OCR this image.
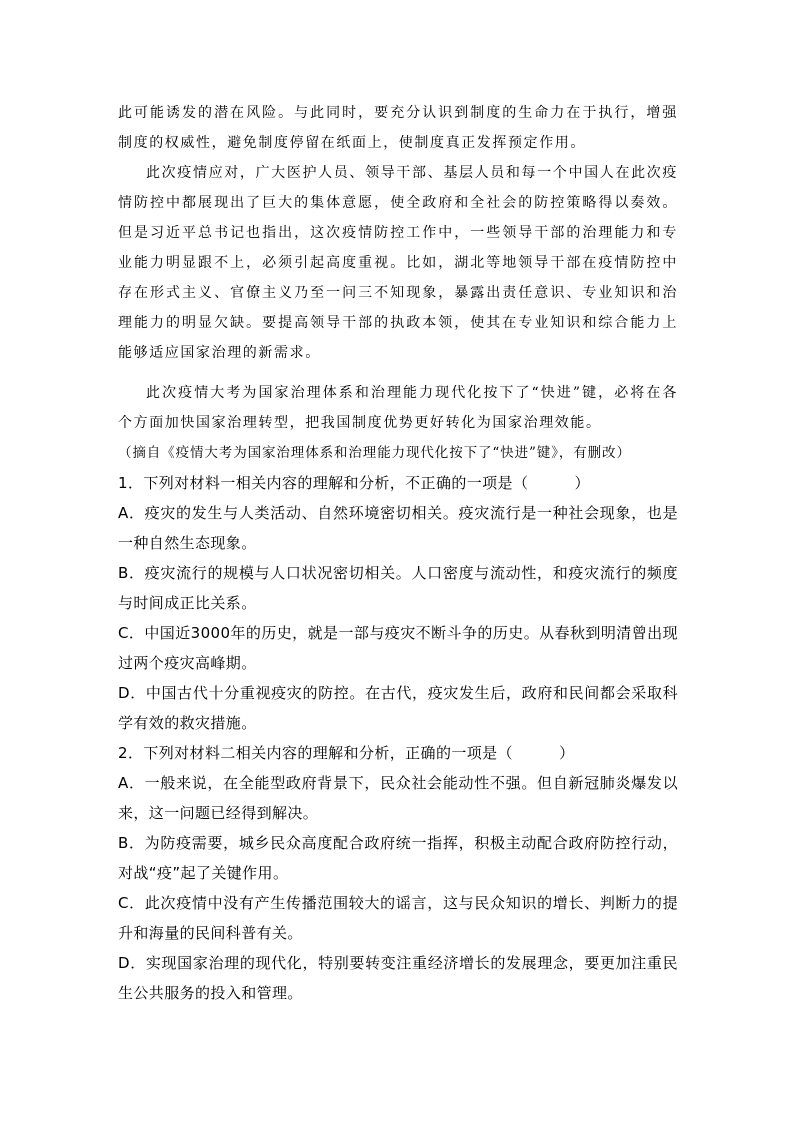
此可能诱发的潜在风险。与此同时，要充分认识到制度的生命力在于执行，增强制度的权威性，避免制度停留在纸面上，使制度真正发挥预定作用。

此次疫情应对，广大医护人员、领导干部、基层人员和每一个中国人在此次疫情防控中都展现出了巨大的集体意愿，使全政府和全社会的防控策略得以奏效。但是习近平总书记也指出，这次疫情防控工作中，一些领导干部的治理能力和专业能力明显跟不上，必须引起高度重视。比如，湖北等地领导干部在疫情防控中存在形式主义、官僚主义乃至一问三不知现象，暴露出责任意识、专业知识和治理能力的明显欠缺。要提高领导干部的执政本领，使其在专业知识和综合能力上能够适应国家治理的新需求。

此次疫情大考为国家治理体系和治理能力现代化按下了“快进”键，必将在各个方面加快国家治理转型，把我国制度优势更好转化为国家治理效能。

（摘自《疫情大考为国家治理体系和治理能力现代化按下了“快进”键》，有删改）

1．下列对材料一相关内容的理解和分析，不正确的一项是（　　　）

A．疫灾的发生与人类活动、自然环境密切相关。疫灾流行是一种社会现象，也是一种自然生态现象。

B．疫灾流行的规模与人口状况密切相关。人口密度与流动性，和疫灾流行的频度与时间成正比关系。

C．中国近3000年的历史，就是一部与疫灾不断斗争的历史。从春秋到明清曾出现过两个疫灾高峰期。

D．中国古代十分重视疫灾的防控。在古代，疫灾发生后，政府和民间都会采取科学有效的救灾措施。

2．下列对材料二相关内容的理解和分析，正确的一项是（　　　）

A．一般来说，在全能型政府背景下，民众社会能动性不强。但自新冠肺炎爆发以来，这一问题已经得到解决。

B．为防疫需要，城乡民众高度配合政府统一指挥，积极主动配合政府防控行动，对战“疫”起了关键作用。

C．此次疫情中没有产生传播范围较大的谣言，这与民众知识的增长、判断力的提升和海量的民间科普有关。

D．实现国家治理的现代化，特别要转变注重经济增长的发展理念，要更加注重民生公共服务的投入和管理。
